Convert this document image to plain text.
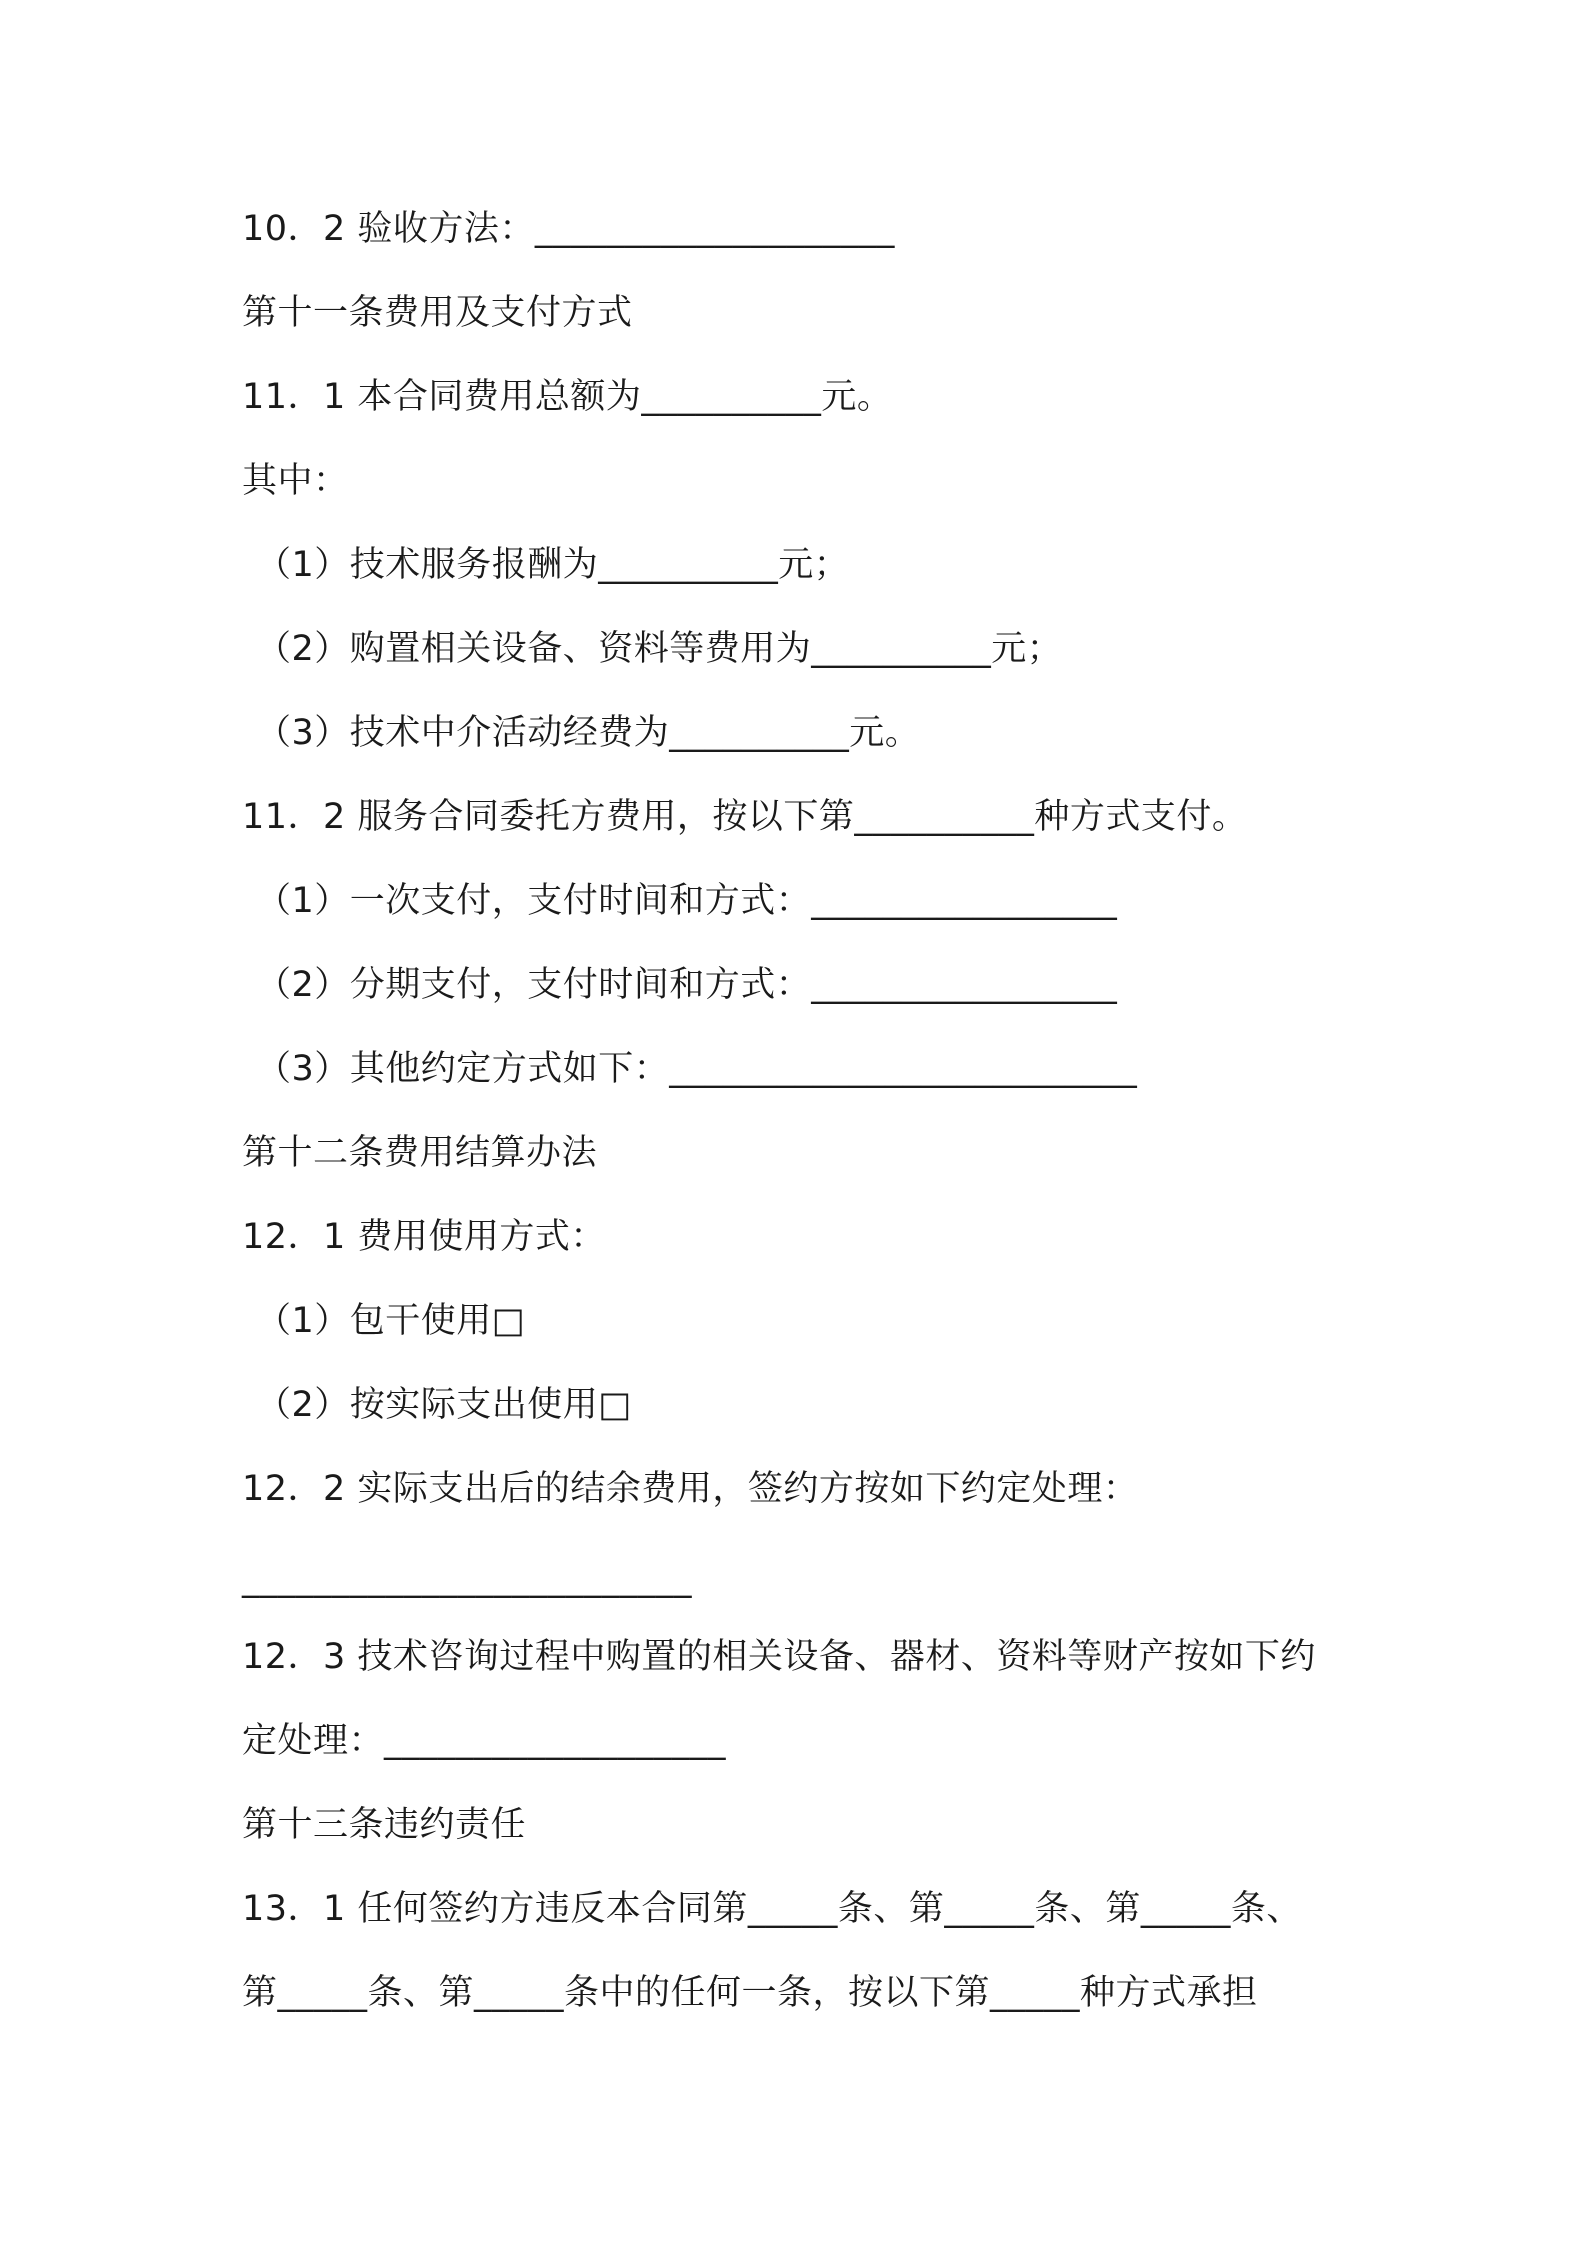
10．2 验收方法：____________________
第十一条费用及支付方式
11．1 本合同费用总额为__________元。
其中：
（1）技术服务报酬为__________元；
（2）购置相关设备、资料等费用为__________元；
（3）技术中介活动经费为__________元。
11．2 服务合同委托方费用，按以下第__________种方式支付。
（1）一次支付，支付时间和方式：_________________
（2）分期支付，支付时间和方式：_________________
（3）其他约定方式如下：__________________________
第十二条费用结算办法
12．1 费用使用方式：
（1）包干使用□
（2）按实际支出使用□
12．2 实际支出后的结余费用，签约方按如下约定处理：
_________________________
12．3 技术咨询过程中购置的相关设备、器材、资料等财产按如下约
定处理：___________________
第十三条违约责任
13．1 任何签约方违反本合同第_____条、第_____条、第_____条、
第_____条、第_____条中的任何一条，按以下第_____种方式承担
